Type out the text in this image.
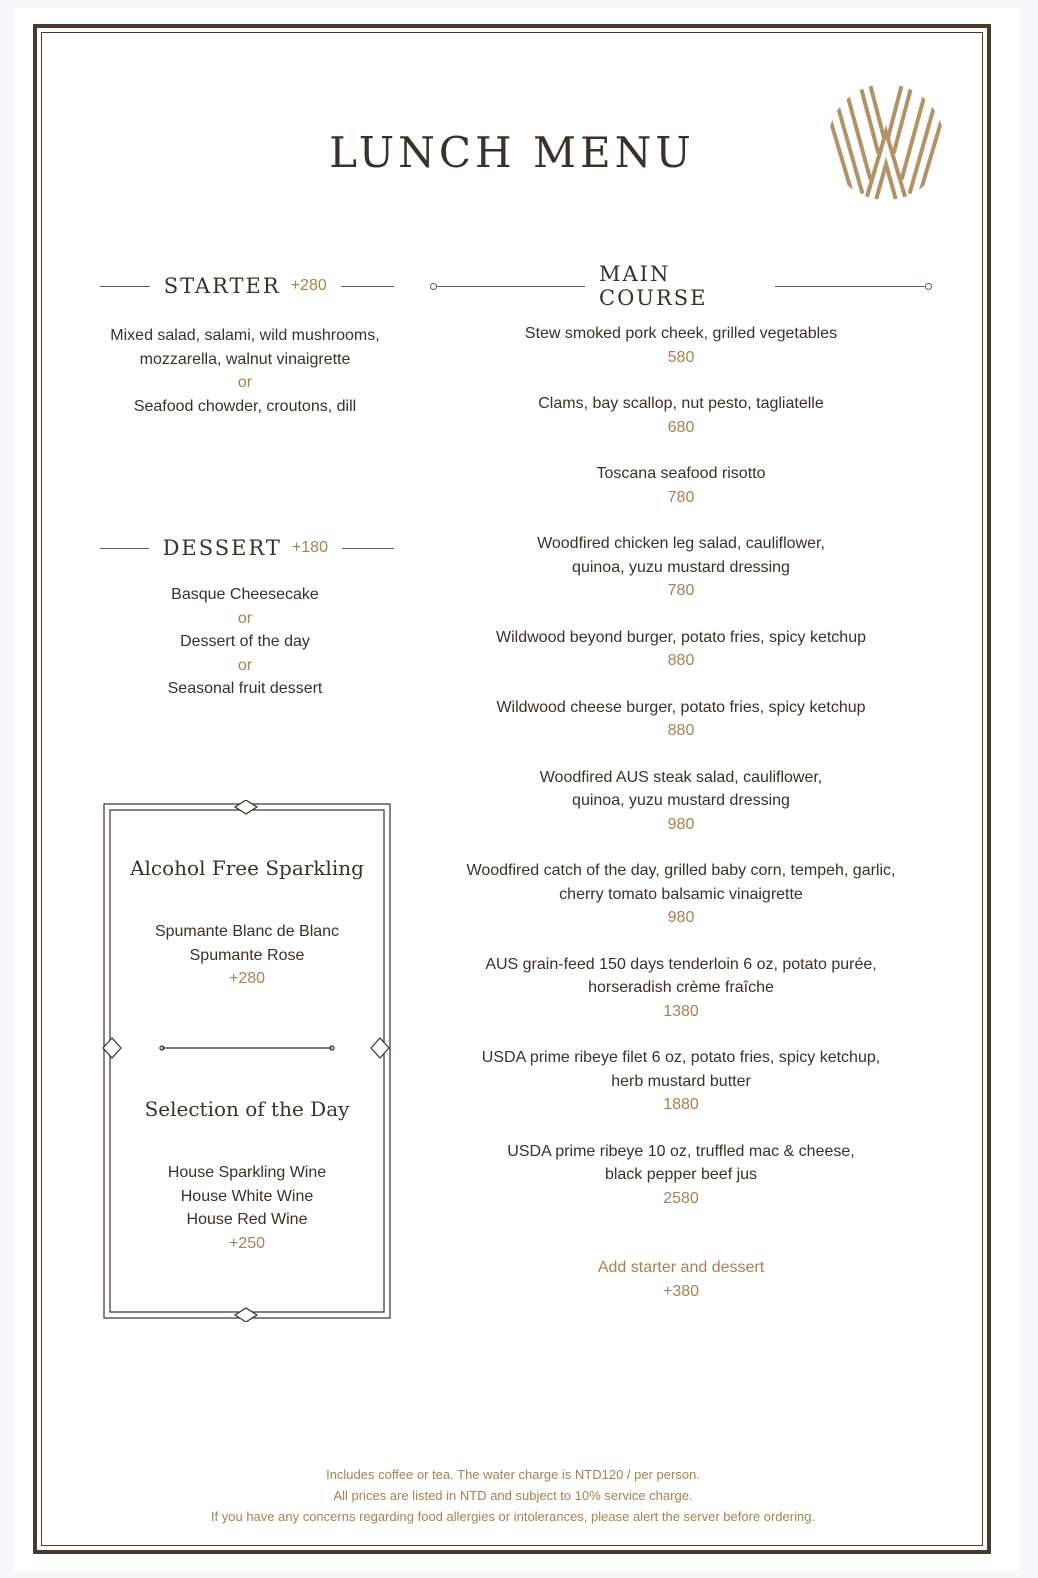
LUNCH MENU
STARTER +280
Mixed salad, salami, wild mushrooms,
mozzarella, walnut vinaigrette
or
Seafood chowder, croutons, dill
DESSERT +180
Basque Cheesecake
or
Dessert of the day
or
Seasonal fruit dessert
Alcohol Free Sparkling
Spumante Blanc de Blanc
Spumante Rose
+280
Selection of the Day
House Sparkling Wine
House White Wine
House Red Wine
+250
MAIN COURSE
Stew smoked pork cheek, grilled vegetables
580
Clams, bay scallop, nut pesto, tagliatelle
680
Toscana seafood risotto
780
Woodfired chicken leg salad, cauliflower,
quinoa, yuzu mustard dressing
780
Wildwood beyond burger, potato fries, spicy ketchup
880
Wildwood cheese burger, potato fries, spicy ketchup
880
Woodfired AUS steak salad, cauliflower,
quinoa, yuzu mustard dressing
980
Woodfired catch of the day, grilled baby corn, tempeh, garlic,
cherry tomato balsamic vinaigrette
980
AUS grain-feed 150 days tenderloin 6 oz, potato purée,
horseradish crème fraîche
1380
USDA prime ribeye filet 6 oz, potato fries, spicy ketchup,
herb mustard butter
1880
USDA prime ribeye 10 oz, truffled mac & cheese,
black pepper beef jus
2580
Add starter and dessert
+380
Includes coffee or tea. The water charge is NTD120 / per person.
All prices are listed in NTD and subject to 10% service charge.
If you have any concerns regarding food allergies or intolerances, please alert the server before ordering.
